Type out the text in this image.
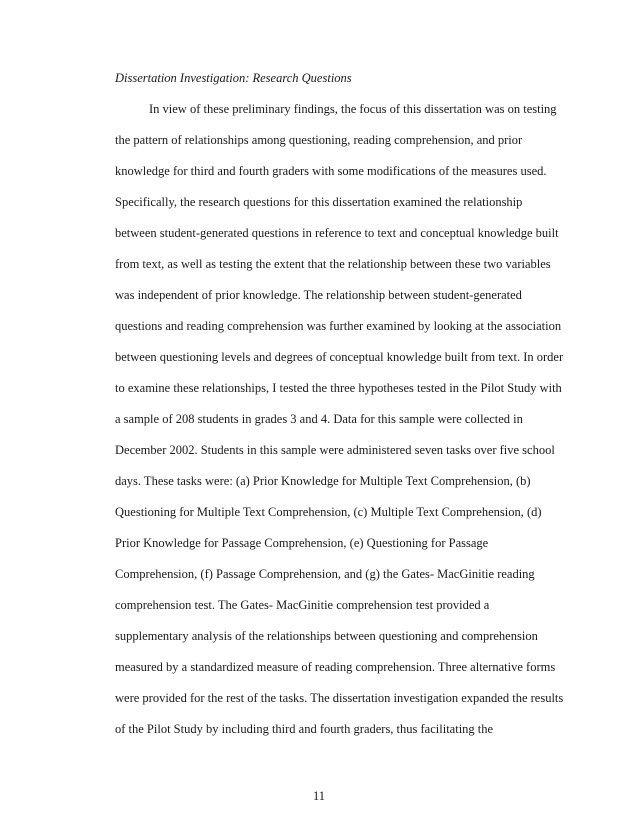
Dissertation Investigation: Research Questions
In view of these preliminary findings, the focus of this dissertation was on testing
the pattern of relationships among questioning, reading comprehension, and prior
knowledge for third and fourth graders with some modifications of the measures used.
Specifically, the research questions for this dissertation examined the relationship
between student-generated questions in reference to text and conceptual knowledge built
from text, as well as testing the extent that the relationship between these two variables
was independent of prior knowledge. The relationship between student-generated
questions and reading comprehension was further examined by looking at the association
between questioning levels and degrees of conceptual knowledge built from text. In order
to examine these relationships, I tested the three hypotheses tested in the Pilot Study with
a sample of 208 students in grades 3 and 4. Data for this sample were collected in
December 2002. Students in this sample were administered seven tasks over five school
days. These tasks were: (a) Prior Knowledge for Multiple Text Comprehension, (b)
Questioning for Multiple Text Comprehension, (c) Multiple Text Comprehension, (d)
Prior Knowledge for Passage Comprehension, (e) Questioning for Passage
Comprehension, (f) Passage Comprehension, and (g) the Gates- MacGinitie reading
comprehension test. The Gates- MacGinitie comprehension test provided a
supplementary analysis of the relationships between questioning and comprehension
measured by a standardized measure of reading comprehension. Three alternative forms
were provided for the rest of the tasks. The dissertation investigation expanded the results
of the Pilot Study by including third and fourth graders, thus facilitating the
11
